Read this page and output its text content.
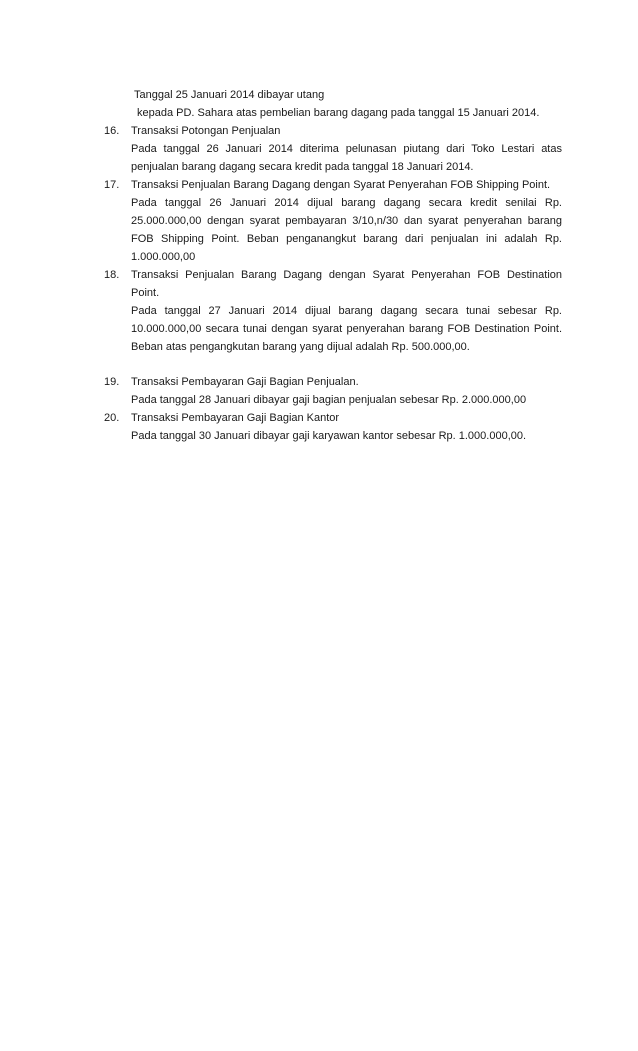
Tanggal 25 Januari 2014 dibayar utang
kepada PD. Sahara atas pembelian barang dagang pada tanggal 15 Januari 2014.
16. Transaksi Potongan Penjualan
Pada tanggal 26 Januari 2014 diterima pelunasan piutang dari Toko Lestari atas
penjualan barang dagang secara kredit pada tanggal 18 Januari 2014.
17. Transaksi Penjualan Barang Dagang dengan Syarat Penyerahan FOB Shipping Point.
Pada tanggal 26 Januari 2014 dijual barang dagang secara kredit senilai Rp.
25.000.000,00 dengan syarat pembayaran 3/10,n/30 dan syarat penyerahan barang
FOB Shipping Point. Beban penganangkut barang dari penjualan ini adalah Rp.
1.000.000,00
18. Transaksi Penjualan Barang Dagang dengan Syarat Penyerahan FOB Destination
Point.
Pada tanggal 27 Januari 2014 dijual barang dagang secara tunai sebesar Rp.
10.000.000,00 secara tunai dengan syarat penyerahan barang FOB Destination Point.
Beban atas pengangkutan barang yang dijual adalah Rp. 500.000,00.
19. Transaksi Pembayaran Gaji Bagian Penjualan.
Pada tanggal 28 Januari dibayar gaji bagian penjualan sebesar Rp. 2.000.000,00
20. Transaksi Pembayaran Gaji Bagian Kantor
Pada tanggal 30 Januari dibayar gaji karyawan kantor sebesar Rp. 1.000.000,00.
